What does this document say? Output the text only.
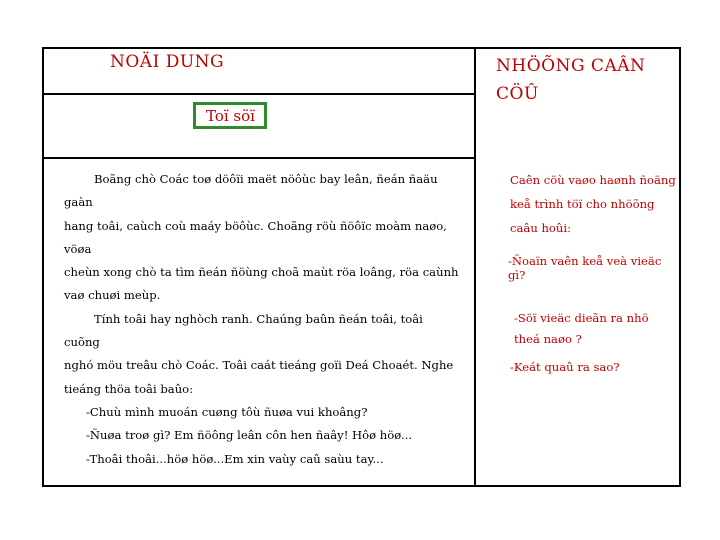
NOÄI DUNG	NHÖÕNG CAÂN CÖÛ
Toï söï

Boãng chò Coác toø döôïi maët nöôùc bay leân, ñeán ñaäu gaàn

hang toâi, caùch coù maáy böôùc. Choãng röù ñöôïc moàm naøo, vöøa

cheùn xong chò ta tìm ñeán ñöùng choã maùt röa loâng, röa caùnh

vaø chuøi meùp.

Tính toâi hay nghòch ranh. Chaúng baûn ñeán toâi, toâi cuõng

nghó möu treâu chò Coác. Toâi caát tieáng goïi Deá Choaét. Nghe

tieáng thöa toâi baûo:

-Chuù mình muoán cuøng tôù ñuøa vui khoâng?

-Ñuøa troø gì? Em ñöông leân côn hen ñaây! Hôø höø...

-Thoâi thoâi...höø höø...Em xin vaùy caû saùu tay...

Caên cöù vaøo haønh ñoäng keå trình töï cho nhöõng caâu hoûi:

-Ñoaïn vaên keå veà vieäc gì?

-Söï vieäc dieãn ra nhö theá naøo ?

-Keát quaû ra sao?
